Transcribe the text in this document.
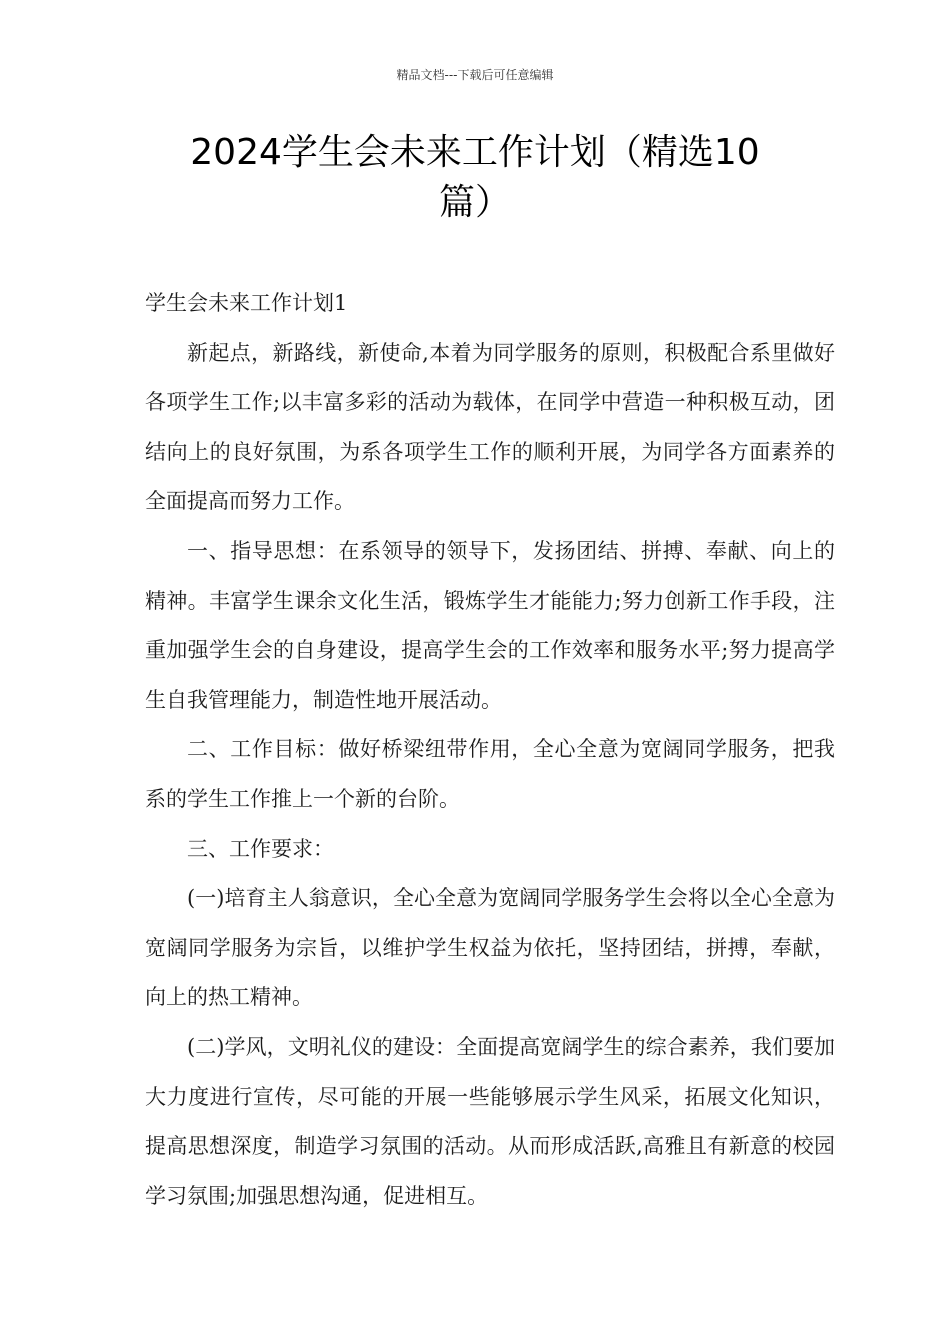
精品文档---下载后可任意编辑
2024学生会未来工作计划（精选10
篇）

学生会未来工作计划1

新起点，新路线，新使命,本着为同学服务的原则，积极配合系里做好各项学生工作;以丰富多彩的活动为载体，在同学中营造一种积极互动，团结向上的良好氛围，为系各项学生工作的顺利开展，为同学各方面素养的全面提高而努力工作。

一、指导思想：在系领导的领导下，发扬团结、拼搏、奉献、向上的精神。丰富学生课余文化生活，锻炼学生才能能力;努力创新工作手段，注重加强学生会的自身建设，提高学生会的工作效率和服务水平;努力提高学生自我管理能力，制造性地开展活动。

二、工作目标：做好桥梁纽带作用，全心全意为宽阔同学服务，把我系的学生工作推上一个新的台阶。

三、工作要求：

(一)培育主人翁意识，全心全意为宽阔同学服务学生会将以全心全意为宽阔同学服务为宗旨，以维护学生权益为依托，坚持团结，拼搏，奉献，向上的热工精神。

(二)学风，文明礼仪的建设：全面提高宽阔学生的综合素养，我们要加大力度进行宣传，尽可能的开展一些能够展示学生风采，拓展文化知识，提高思想深度，制造学习氛围的活动。从而形成活跃,高雅且有新意的校园学习氛围;加强思想沟通，促进相互。
